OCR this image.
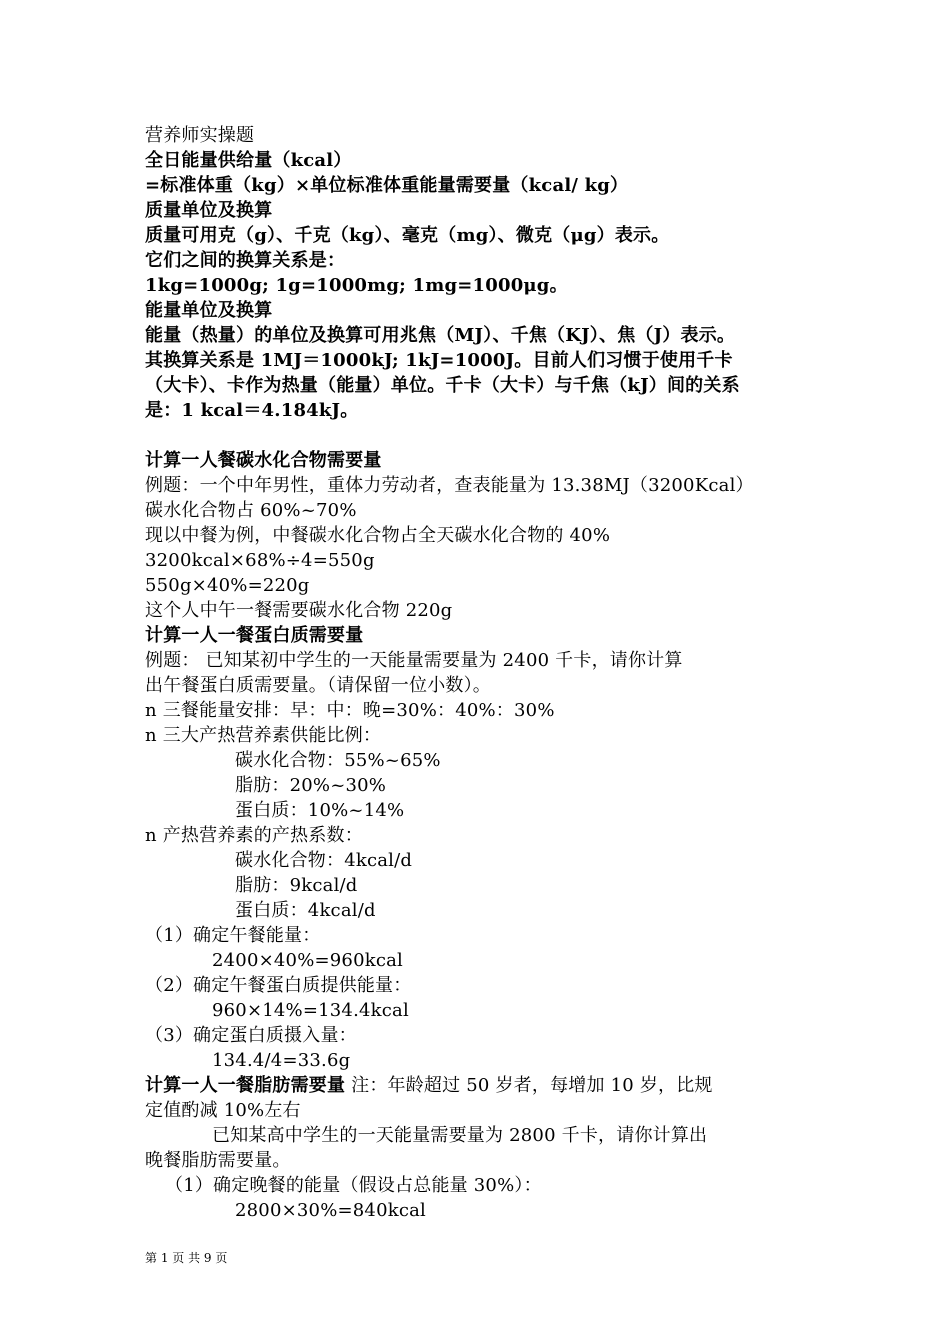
营养师实操题
全日能量供给量（kcal）
=标准体重（kg）×单位标准体重能量需要量（kcal/ kg）
质量单位及换算
质量可用克（g）、千克（kg）、毫克（mg）、微克（μg）表示。
它们之间的换算关系是：
1kg=1000g; 1g=1000mg; 1mg=1000μg。
能量单位及换算
能量（热量）的单位及换算可用兆焦（MJ）、千焦（KJ）、焦（J）表示。
其换算关系是 1MJ＝1000kJ; 1kJ=1000J。目前人们习惯于使用千卡
（大卡）、卡作为热量（能量）单位。千卡（大卡）与千焦（kJ）间的关系
是：1 kcal＝4.184kJ。
计算一人餐碳水化合物需要量
例题：一个中年男性，重体力劳动者，查表能量为 13.38MJ（3200Kcal）
碳水化合物占 60%~70%
现以中餐为例，中餐碳水化合物占全天碳水化合物的 40%
3200kcal×68%÷4=550g
550g×40%=220g
这个人中午一餐需要碳水化合物 220g
计算一人一餐蛋白质需要量
例题： 已知某初中学生的一天能量需要量为 2400 千卡，请你计算
出午餐蛋白质需要量。（请保留一位小数）。
n 三餐能量安排：早：中：晚=30%：40%：30%
n 三大产热营养素供能比例：
碳水化合物：55%~65%
脂肪：20%~30%
蛋白质：10%~14%
n 产热营养素的产热系数：
碳水化合物：4kcal/d
脂肪：9kcal/d
蛋白质：4kcal/d
（1）确定午餐能量：
2400×40%=960kcal
（2）确定午餐蛋白质提供能量：
960×14%=134.4kcal
（3）确定蛋白质摄入量：
134.4/4=33.6g
计算一人一餐脂肪需要量 注：年龄超过 50 岁者，每增加 10 岁，比规
定值酌减 10%左右
已知某高中学生的一天能量需要量为 2800 千卡，请你计算出
晚餐脂肪需要量。
（1）确定晚餐的能量（假设占总能量 30%）：
2800×30%=840kcal
第 1 页 共 9 页
